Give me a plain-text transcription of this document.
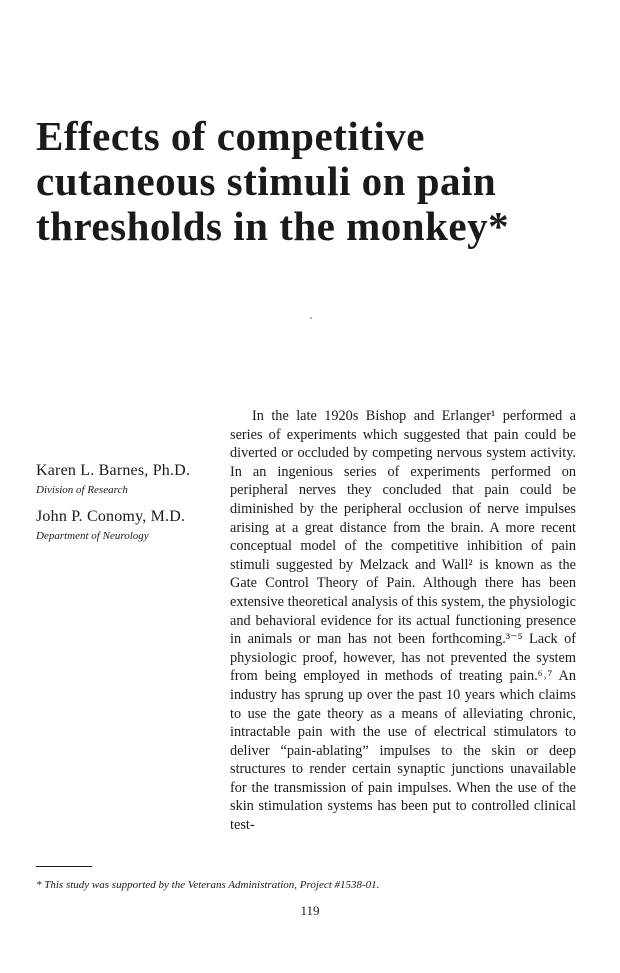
Effects of competitive cutaneous stimuli on pain thresholds in the monkey*
Karen L. Barnes, Ph.D.
Division of Research
John P. Conomy, M.D.
Department of Neurology

In the late 1920s Bishop and Erlanger¹ performed a series of experiments which suggested that pain could be diverted or occluded by competing nervous system activity. In an ingenious series of experiments performed on peripheral nerves they concluded that pain could be diminished by the peripheral occlusion of nerve impulses arising at a great distance from the brain. A more recent conceptual model of the competitive inhibition of pain stimuli suggested by Melzack and Wall² is known as the Gate Control Theory of Pain. Although there has been extensive theoretical analysis of this system, the physiologic and behavioral evidence for its actual functioning presence in animals or man has not been forthcoming.³⁻⁵ Lack of physiologic proof, however, has not prevented the system from being employed in methods of treating pain.⁶˒⁷ An industry has sprung up over the past 10 years which claims to use the gate theory as a means of alleviating chronic, intractable pain with the use of electrical stimulators to deliver “pain-ablating” impulses to the skin or deep structures to render certain synaptic junctions unavailable for the transmission of pain impulses. When the use of the skin stimulation systems has been put to controlled clinical test-

* This study was supported by the Veterans Administration, Project #1538-01.
119
